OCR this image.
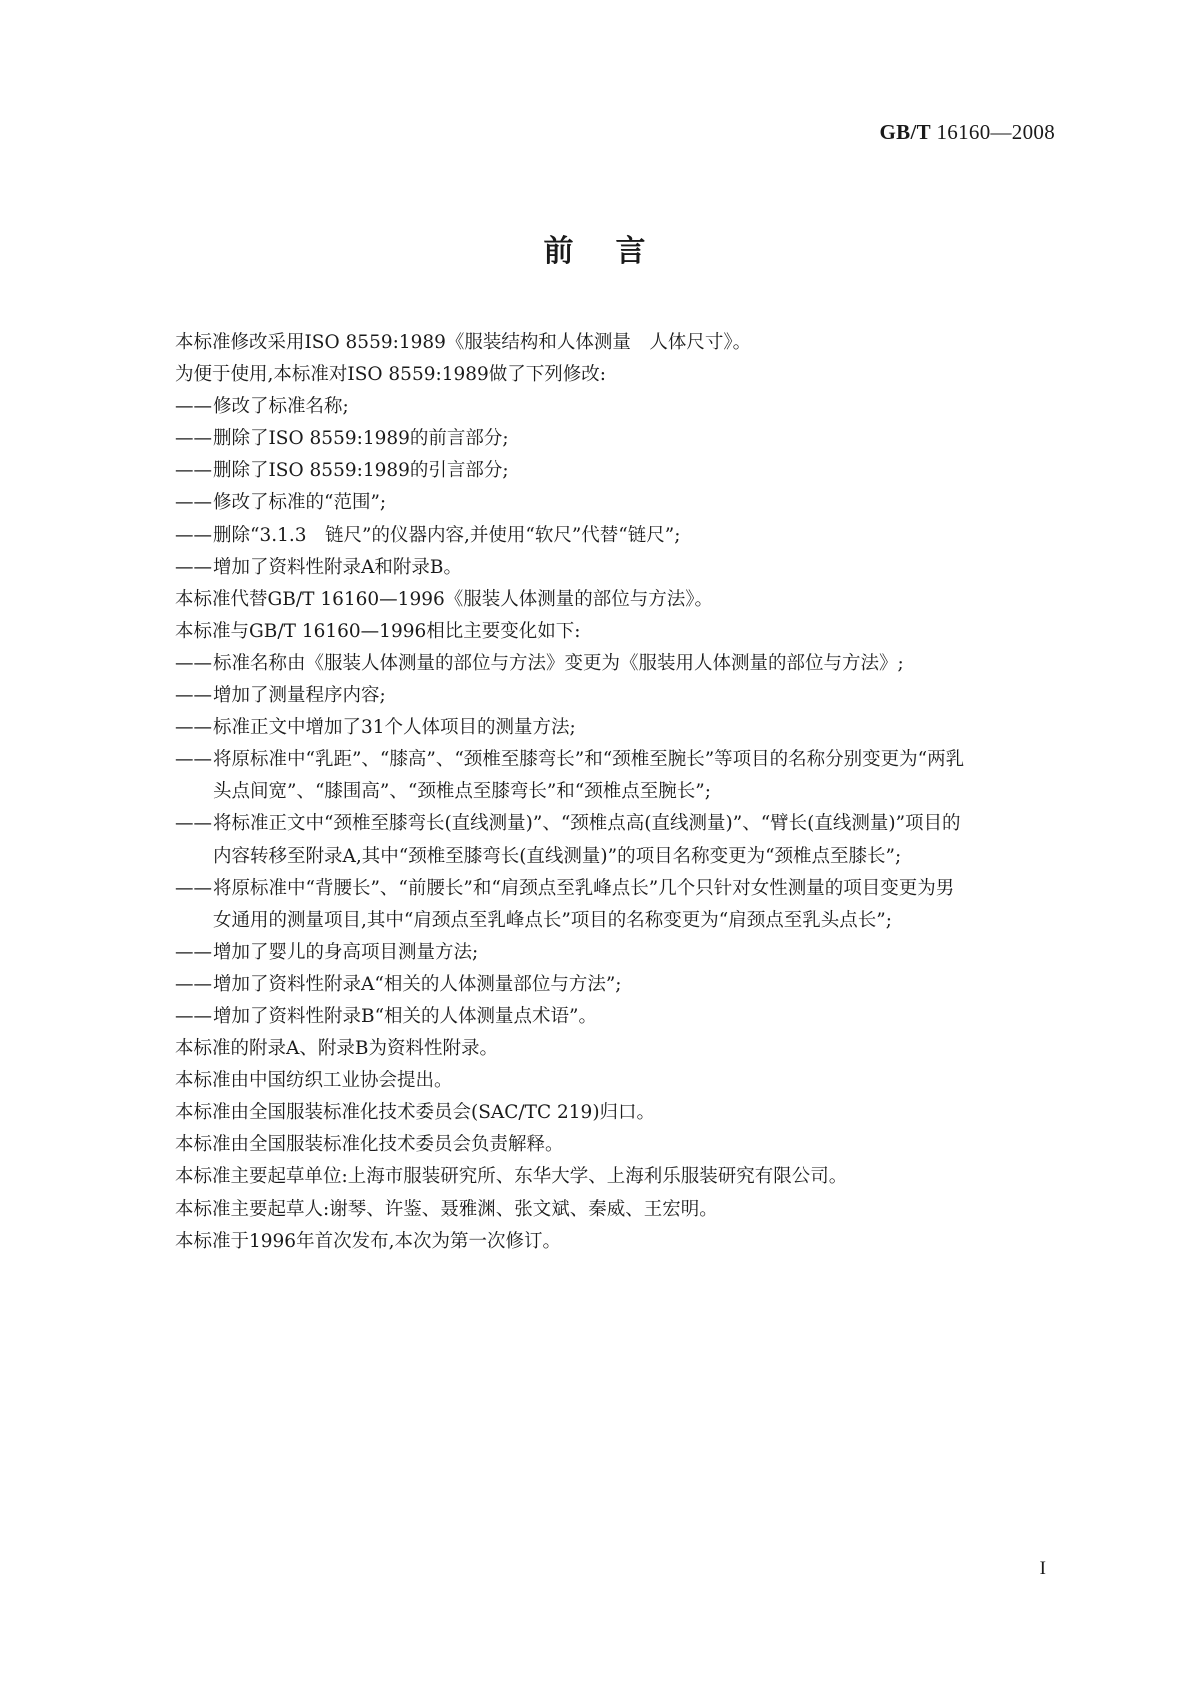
GB/T 16160—2008
前言
本标准修改采用ISO 8559:1989《服装结构和人体测量　人体尺寸》。
为便于使用,本标准对ISO 8559:1989做了下列修改:
——修改了标准名称;
——删除了ISO 8559:1989的前言部分;
——删除了ISO 8559:1989的引言部分;
——修改了标准的“范围”;
——删除“3.1.3　链尺”的仪器内容,并使用“软尺”代替“链尺”;
——增加了资料性附录A和附录B。
本标准代替GB/T 16160—1996《服装人体测量的部位与方法》。
本标准与GB/T 16160—1996相比主要变化如下:
——标准名称由《服装人体测量的部位与方法》变更为《服装用人体测量的部位与方法》;
——增加了测量程序内容;
——标准正文中增加了31个人体项目的测量方法;
——将原标准中“乳距”、“膝高”、“颈椎至膝弯长”和“颈椎至腕长”等项目的名称分别变更为“两乳
头点间宽”、“膝围高”、“颈椎点至膝弯长”和“颈椎点至腕长”;
——将标准正文中“颈椎至膝弯长(直线测量)”、“颈椎点高(直线测量)”、“臂长(直线测量)”项目的
内容转移至附录A,其中“颈椎至膝弯长(直线测量)”的项目名称变更为“颈椎点至膝长”;
——将原标准中“背腰长”、“前腰长”和“肩颈点至乳峰点长”几个只针对女性测量的项目变更为男
女通用的测量项目,其中“肩颈点至乳峰点长”项目的名称变更为“肩颈点至乳头点长”;
——增加了婴儿的身高项目测量方法;
——增加了资料性附录A“相关的人体测量部位与方法”;
——增加了资料性附录B“相关的人体测量点术语”。
本标准的附录A、附录B为资料性附录。
本标准由中国纺织工业协会提出。
本标准由全国服装标准化技术委员会(SAC/TC 219)归口。
本标准由全国服装标准化技术委员会负责解释。
本标准主要起草单位:上海市服装研究所、东华大学、上海利乐服装研究有限公司。
本标准主要起草人:谢琴、许鉴、聂雅渊、张文斌、秦威、王宏明。
本标准于1996年首次发布,本次为第一次修订。
I
